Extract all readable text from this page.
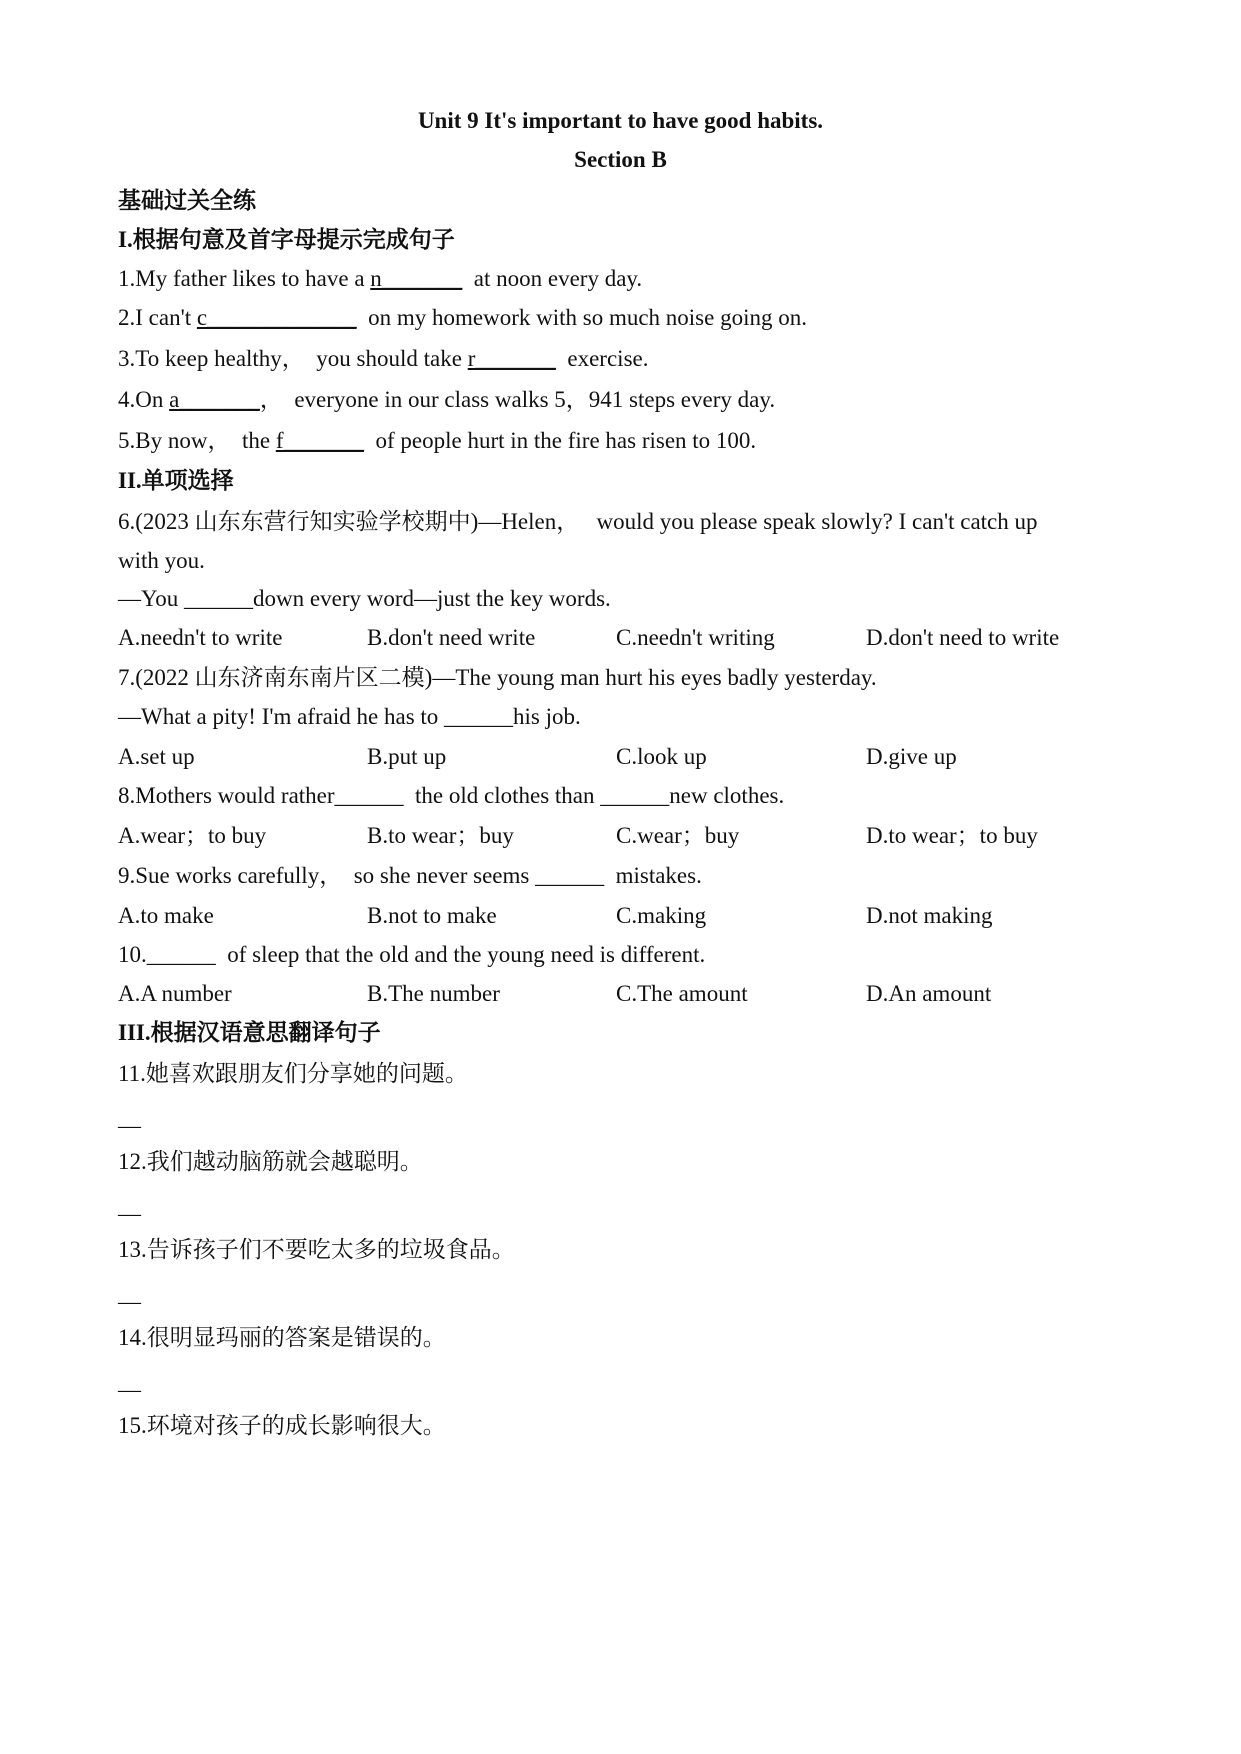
Unit 9 It's important to have good habits.
Section B
基础过关全练
I.根据句意及首字母提示完成句子
1.My father likes to have a n_______  at noon every day.
2.I can't c_____________  on my homework with so much noise going on.
3.To keep healthy，  you should take r_______  exercise.
4.On a_______，  everyone in our class walks 5，941 steps every day.
5.By now，  the f_______  of people hurt in the fire has risen to 100.
II.单项选择
6.(2023 山东东营行知实验学校期中)—Helen，   would you please speak slowly? I can't catch up
with you.
—You ______down every word—just the key words.
A.needn't to write	B.don't need write	C.needn't writing	D.don't need to write
7.(2022 山东济南东南片区二模)—The young man hurt his eyes badly yesterday.
—What a pity! I'm afraid he has to ______his job.
A.set up	B.put up	C.look up	D.give up
8.Mothers would rather______  the old clothes than ______new clothes.
A.wear；to buy	B.to wear；buy	C.wear；buy	D.to wear；to buy
9.Sue works carefully，  so she never seems ______  mistakes.
A.to make	B.not to make	C.making	D.not making
10.______  of sleep that the old and the young need is different.
A.A number	B.The number	C.The amount	D.An amount
III.根据汉语意思翻译句子
11.她喜欢跟朋友们分享她的问题。
—
12.我们越动脑筋就会越聪明。
—
13.告诉孩子们不要吃太多的垃圾食品。
—
14.很明显玛丽的答案是错误的。
—
15.环境对孩子的成长影响很大。
